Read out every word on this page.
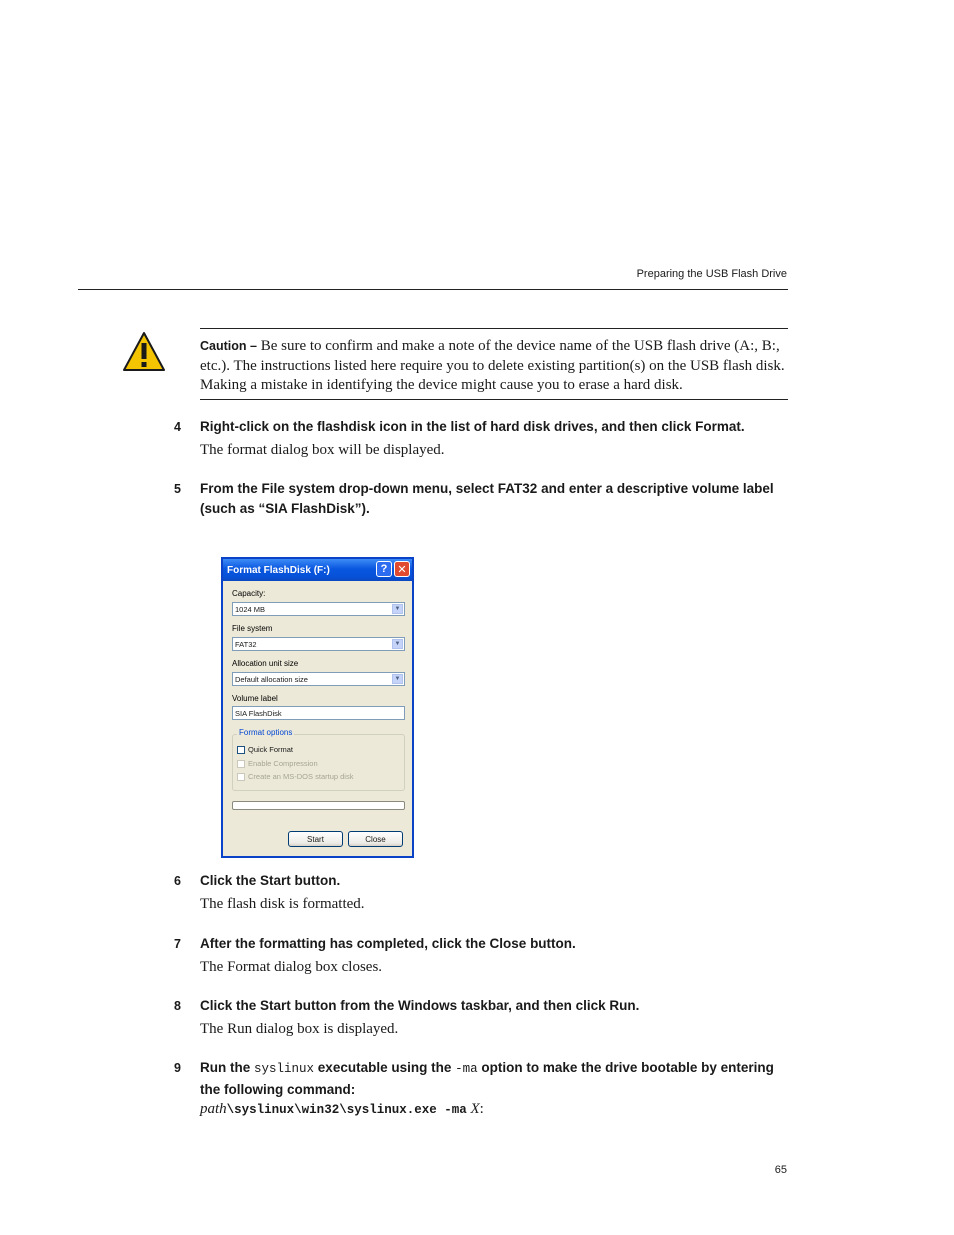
Preparing the USB Flash Drive

Caution – Be sure to confirm and make a note of the device name of the USB flash drive (A:, B:, etc.). The instructions listed here require you to delete existing partition(s) on the USB flash disk. Making a mistake in identifying the device might cause you to erase a hard disk.

4 Right-click on the flashdisk icon in the list of hard disk drives, and then click Format.
The format dialog box will be displayed.
5 From the File system drop-down menu, select FAT32 and enter a descriptive volume label (such as “SIA FlashDisk”).
Format FlashDisk (F:)	? ✕
Capacity:
1024 MB	▼
File system
FAT32	▼
Allocation unit size
Default allocation size	▼
Volume label
SIA FlashDisk
Format options
Quick Format
Enable Compression
Create an MS-DOS startup disk
Start	Close
6 Click the Start button.
The flash disk is formatted.
7 After the formatting has completed, click the Close button.
The Format dialog box closes.
8 Click the Start button from the Windows taskbar, and then click Run.
The Run dialog box is displayed.
9 Run the syslinux executable using the -ma option to make the drive bootable by entering the following command:
path\syslinux\win32\syslinux.exe -ma X:
65
